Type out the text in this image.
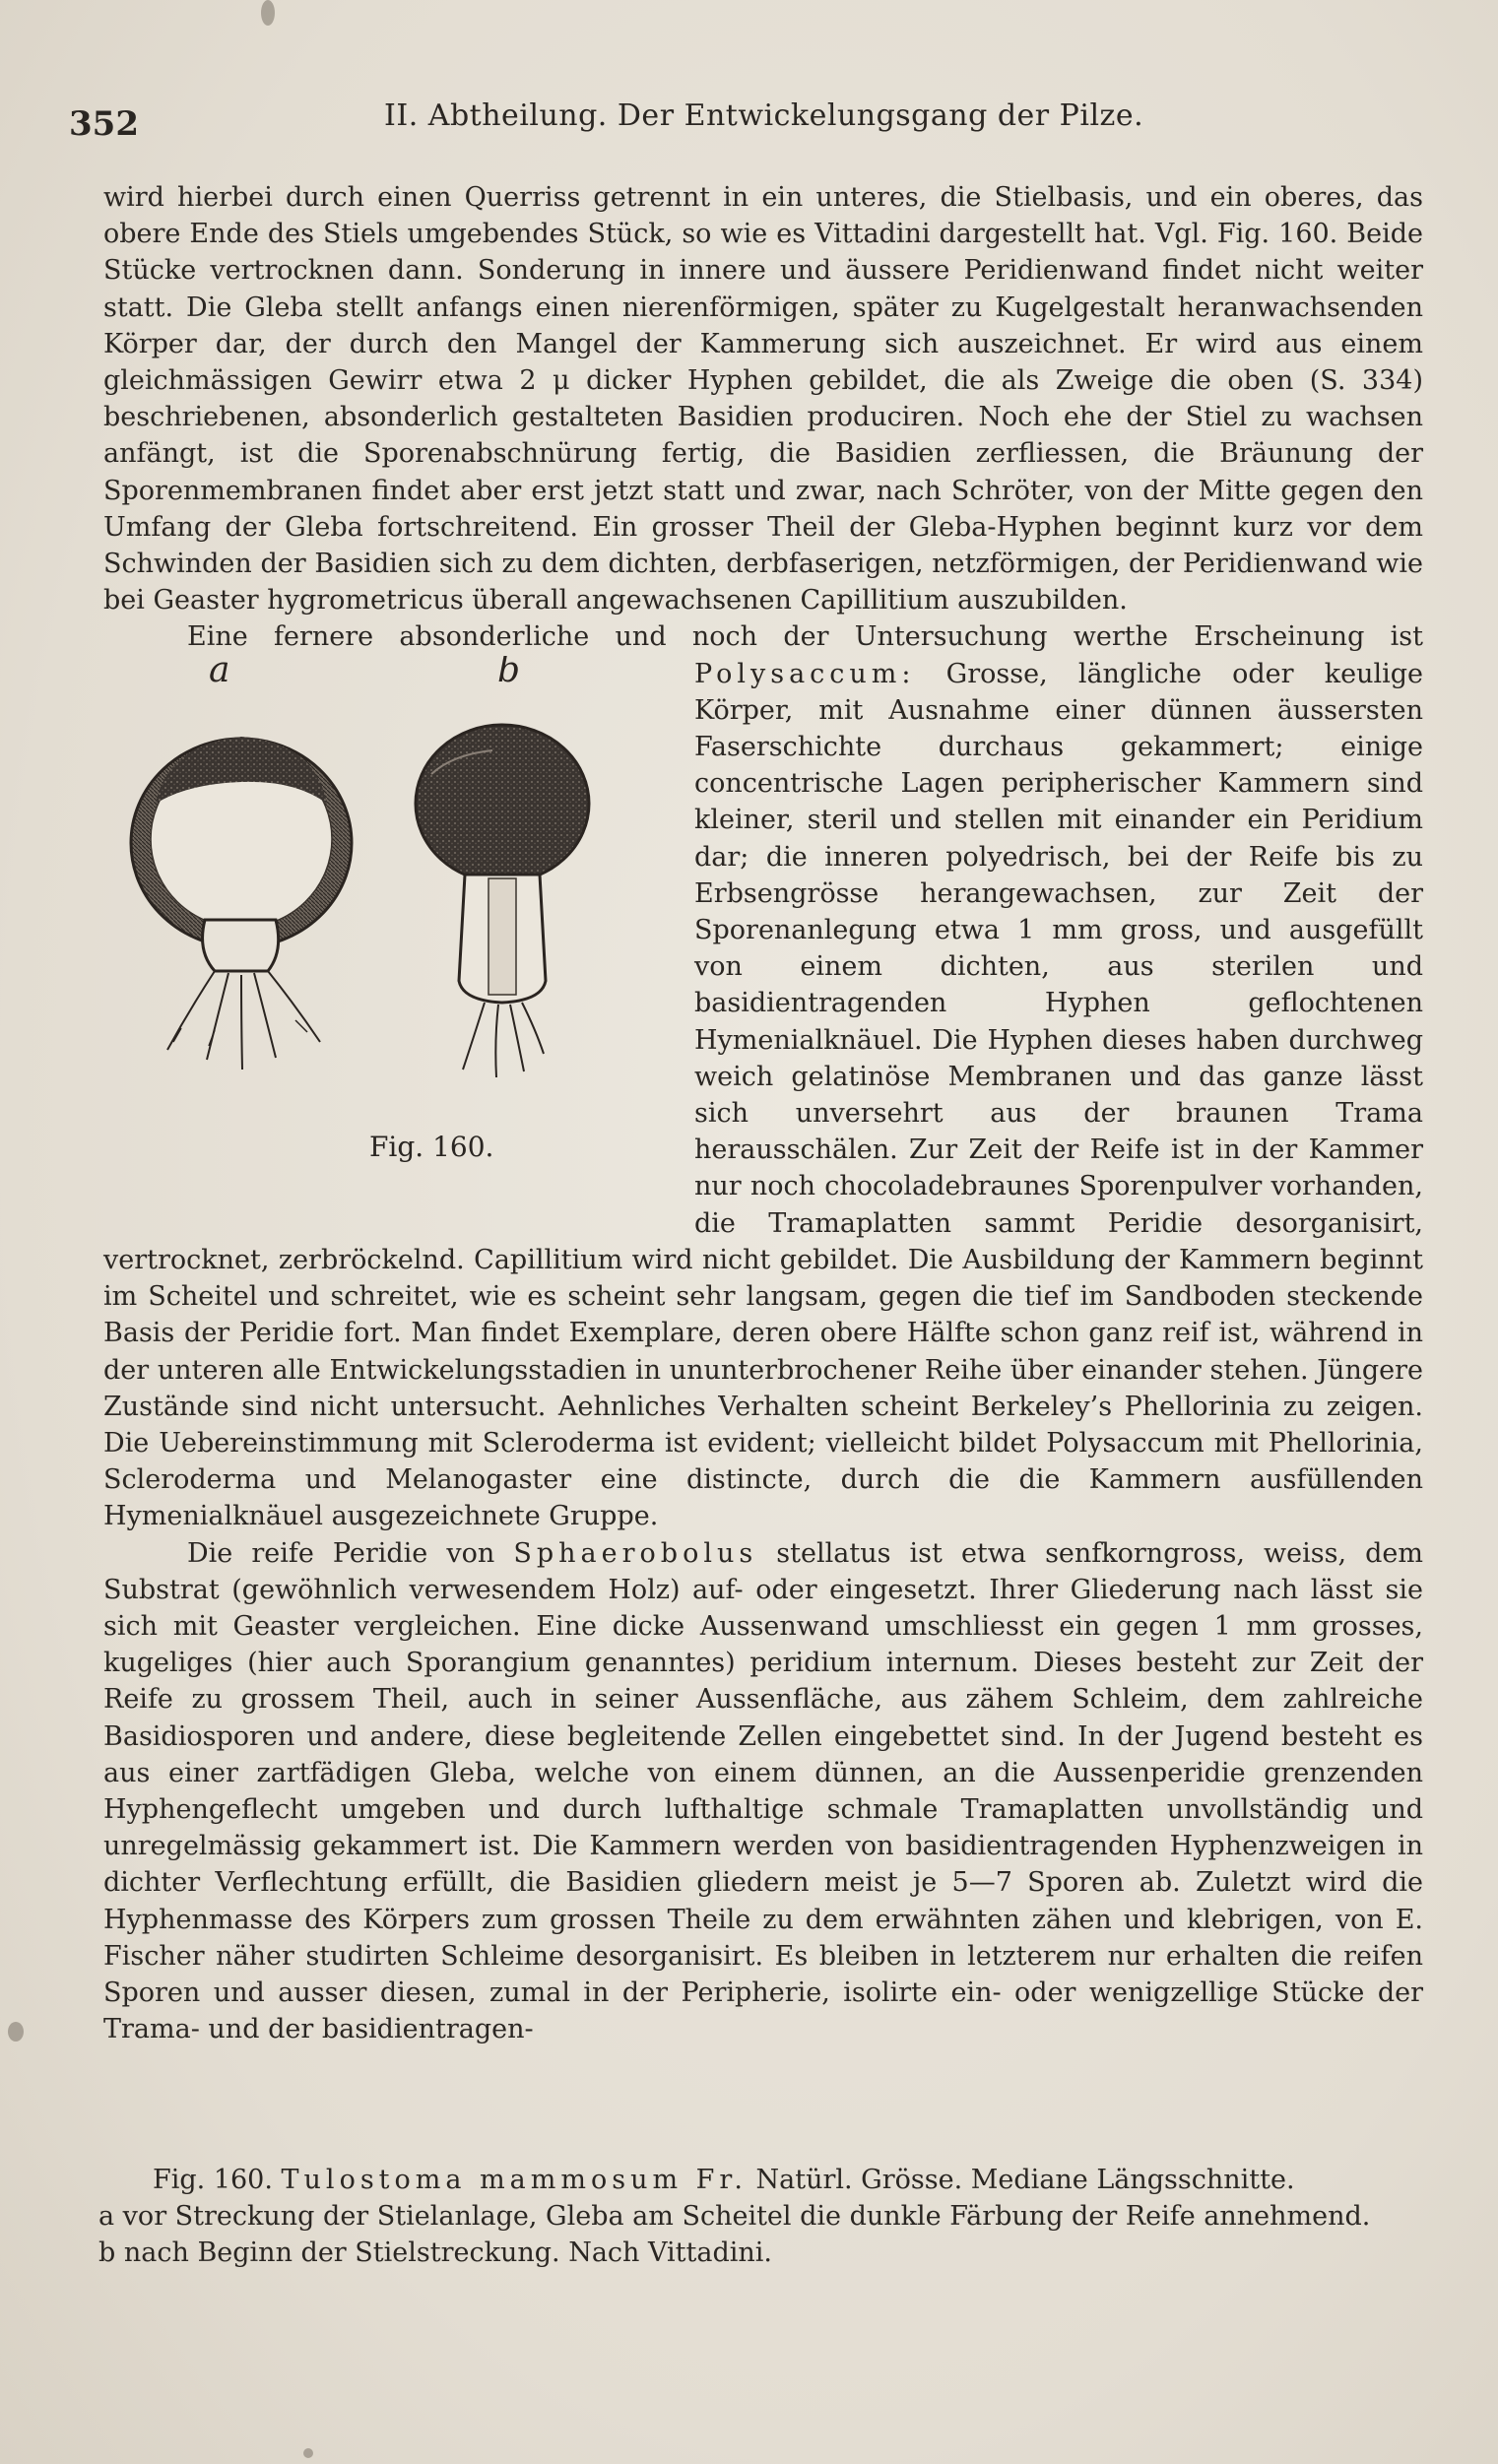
352	II. Abtheilung. Der Entwickelungsgang der Pilze.

wird hierbei durch einen Querriss getrennt in ein unteres, die Stielbasis, und ein oberes, das obere Ende des Stiels umgebendes Stück, so wie es Vittadini dargestellt hat. Vgl. Fig. 160. Beide Stücke vertrocknen dann. Sonderung in innere und äussere Peridienwand findet nicht weiter statt. Die Gleba stellt anfangs einen nierenförmigen, später zu Kugelgestalt heranwachsenden Körper dar, der durch den Mangel der Kammerung sich auszeichnet. Er wird aus einem gleichmässigen Gewirr etwa 2 μ dicker Hyphen gebildet, die als Zweige die oben (S. 334) beschriebenen, absonderlich gestalteten Basidien produciren. Noch ehe der Stiel zu wachsen anfängt, ist die Sporenabschnürung fertig, die Basidien zerfliessen, die Bräunung der Sporenmembranen findet aber erst jetzt statt und zwar, nach Schröter, von der Mitte gegen den Umfang der Gleba fortschreitend. Ein grosser Theil der Gleba-Hyphen beginnt kurz vor dem Schwinden der Basidien sich zu dem dichten, derbfaserigen, netzförmigen, der Peridienwand wie bei Geaster hygrometricus überall angewachsenen Capillitium auszubilden.

Eine fernere absonderliche und noch der Untersuchung werthe Erscheinung ist Polysaccum:
a	b
Fig. 160.
Grosse, längliche oder keulige Körper, mit Ausnahme einer dünnen äussersten Faserschichte durchaus gekammert; einige concentrische Lagen peripherischer Kammern sind kleiner, steril und stellen mit einander ein Peridium dar; die inneren polyedrisch, bei der Reife bis zu Erbsengrösse herangewachsen, zur Zeit der Sporenanlegung etwa 1 mm gross, und ausgefüllt von einem dichten, aus sterilen und basidientragenden Hyphen geflochtenen Hymenialknäuel. Die Hyphen dieses haben durchweg weich gelatinöse Membranen und das ganze lässt sich unversehrt aus der braunen Trama herausschälen. Zur Zeit der Reife ist in der Kammer nur noch chocoladebraunes Sporenpulver vorhanden, die Tramaplatten sammt Peridie desorganisirt, vertrocknet, zerbröckelnd. Capillitium wird nicht gebildet. Die Ausbildung der Kammern beginnt im Scheitel und schreitet, wie es scheint sehr langsam, gegen die tief im Sandboden steckende Basis der Peridie fort. Man findet Exemplare, deren obere Hälfte schon ganz reif ist, während in der unteren alle Entwickelungsstadien in ununterbrochener Reihe über einander stehen. Jüngere Zustände sind nicht untersucht. Aehnliches Verhalten scheint Berkeley’s Phellorinia zu zeigen. Die Uebereinstimmung mit Scleroderma ist evident; vielleicht bildet Polysaccum mit Phellorinia, Scleroderma und Melanogaster eine distincte, durch die die Kammern ausfüllenden Hymenialknäuel ausgezeichnete Gruppe.

Die reife Peridie von Sphaerobolus stellatus ist etwa senfkorngross, weiss, dem Substrat (gewöhnlich verwesendem Holz) auf- oder eingesetzt. Ihrer Gliederung nach lässt sie sich mit Geaster vergleichen. Eine dicke Aussenwand umschliesst ein gegen 1 mm grosses, kugeliges (hier auch Sporangium genanntes) peridium internum. Dieses besteht zur Zeit der Reife zu grossem Theil, auch in seiner Aussenfläche, aus zähem Schleim, dem zahlreiche Basidiosporen und andere, diese begleitende Zellen eingebettet sind. In der Jugend besteht es aus einer zartfädigen Gleba, welche von einem dünnen, an die Aussenperidie grenzenden Hyphengeflecht umgeben und durch lufthaltige schmale Tramaplatten unvollständig und unregelmässig gekammert ist. Die Kammern werden von basidientragenden Hyphenzweigen in dichter Verflechtung erfüllt, die Basidien gliedern meist je 5—7 Sporen ab. Zuletzt wird die Hyphenmasse des Körpers zum grossen Theile zu dem erwähnten zähen und klebrigen, von E. Fischer näher studirten Schleime desorganisirt. Es bleiben in letzterem nur erhalten die reifen Sporen und ausser diesen, zumal in der Peripherie, isolirte ein- oder wenigzellige Stücke der Trama- und der basidientragen-

Fig. 160. Tulostoma mammosum Fr. Natürl. Grösse. Mediane Längsschnitte.

a vor Streckung der Stielanlage, Gleba am Scheitel die dunkle Färbung der Reife annehmend.

b nach Beginn der Stielstreckung. Nach Vittadini.
